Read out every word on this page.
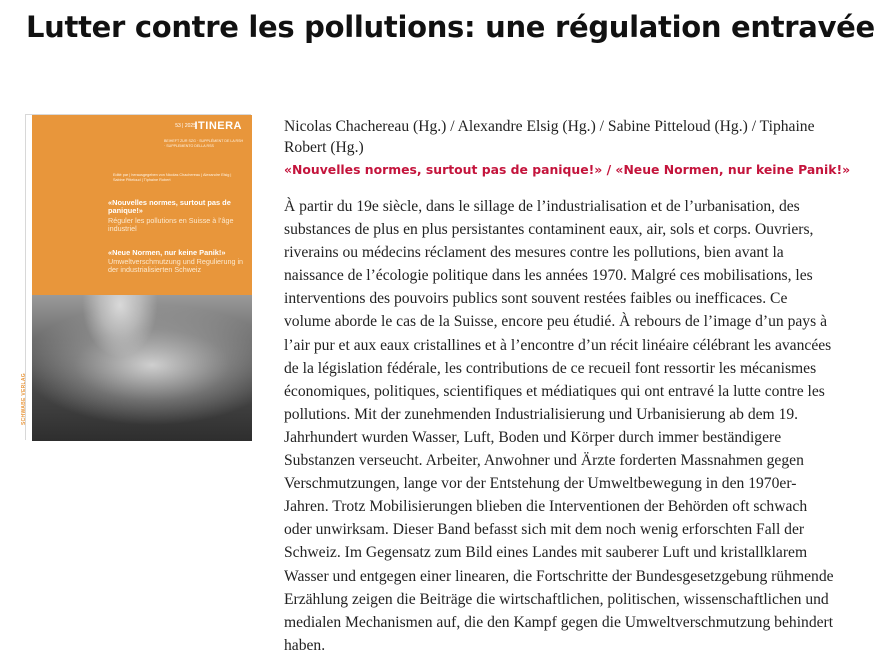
Lutter contre les pollutions: une régulation entravée
53 | 2025
ITINERA
BEIHEFT ZUR SZG · SUPPLÉMENT DE LA RSH · SUPPLEMENTO DELLA RSS
Edité par | herausgegeben von Nicolas Chachereau | Alexandre Elsig | Sabine Pitteloud | Tiphaine Robert
«Nouvelles normes, surtout pas de panique!»
Réguler les pollutions en Suisse à l’âge industriel
«Neue Normen, nur keine Panik!»
Umweltverschmutzung und Regulierung in der industrialisierten Schweiz
SCHWABE VERLAG
Nicolas Chachereau (Hg.) / Alexandre Elsig (Hg.) / Sabine Pitteloud (Hg.) / Tiphaine Robert (Hg.)
«Nouvelles normes, surtout pas de panique!» / «Neue Normen, nur keine Panik!»

À partir du 19e siècle, dans le sillage de l’industrialisation et de l’urbanisation, des substances de plus en plus persistantes contaminent eaux, air, sols et corps. Ouvriers, riverains ou médecins réclament des mesures contre les pollutions, bien avant la naissance de l’écologie politique dans les années 1970. Malgré ces mobilisations, les interventions des pouvoirs publics sont souvent restées faibles ou inefficaces. Ce volume aborde le cas de la Suisse, encore peu étudié. À rebours de l’image d’un pays à l’air pur et aux eaux cristallines et à l’encontre d’un récit linéaire célébrant les avancées de la législation fédérale, les contributions de ce recueil font ressortir les mécanismes économiques, politiques, scientifiques et médiatiques qui ont entravé la lutte contre les pollutions. Mit der zunehmenden Industrialisierung und Urbanisierung ab dem 19. Jahrhundert wurden Wasser, Luft, Boden und Körper durch immer beständigere Substanzen verseucht. Arbeiter, Anwohner und Ärzte forderten Massnahmen gegen Verschmutzungen, lange vor der Entstehung der Umweltbewegung in den 1970er-Jahren. Trotz Mobilisierungen blieben die Interventionen der Behörden oft schwach oder unwirksam. Dieser Band befasst sich mit dem noch wenig erforschten Fall der Schweiz. Im Gegensatz zum Bild eines Landes mit sauberer Luft und kristallklarem Wasser und entgegen einer linearen, die Fortschritte der Bundesgesetzgebung rühmende Erzählung zeigen die Beiträge die wirtschaftlichen, politischen, wissenschaftlichen und medialen Mechanismen auf, die den Kampf gegen die Umweltverschmutzung behindert haben.
